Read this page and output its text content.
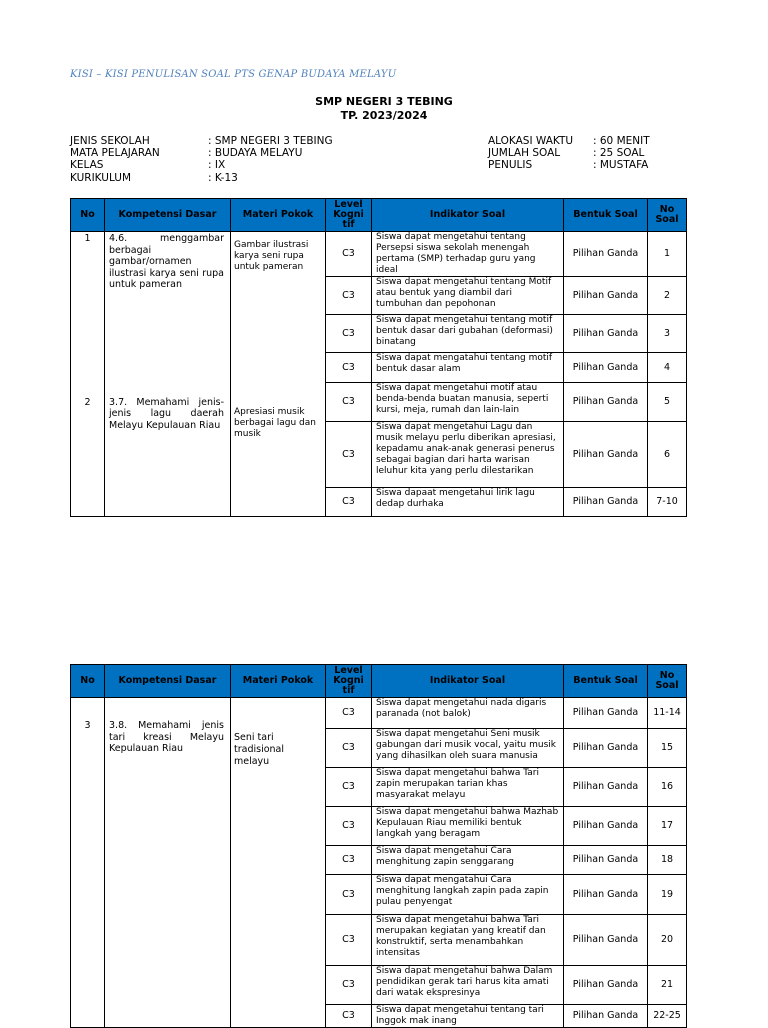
KISI – KISI PENULISAN SOAL PTS GENAP BUDAYA MELAYU
SMP NEGERI 3 TEBING
TP. 2023/2024
JENIS SEKOLAH	: SMP NEGERI 3 TEBING
MATA PELAJARAN	: BUDAYA MELAYU
KELAS	: IX
KURIKULUM	: K-13
ALOKASI WAKTU	: 60 MENIT
JUMLAH SOAL	: 25 SOAL
PENULIS	: MUSTAFA
No	Kompetensi Dasar	Materi Pokok	Level Kogni tif	Indikator Soal	Bentuk Soal	No Soal
1	4.6. menggambar berbagai gambar/ornamen ilustrasi karya seni rupa untuk pameran	Gambar ilustrasi karya seni rupa untuk pameran	C3	Siswa dapat mengetahui tentang Persepsi siswa sekolah menengah pertama (SMP) terhadap guru yang ideal	Pilihan Ganda	1
			C3	Siswa dapat mengetahui tentang Motif atau bentuk yang diambil dari tumbuhan dan pepohonan	Pilihan Ganda	2
			C3	Siswa dapat mengetahui tentang motif bentuk dasar dari gubahan (deformasi) binatang	Pilihan Ganda	3
			C3	Siswa dapat mengatahui tentang motif bentuk dasar alam	Pilihan Ganda	4
2	3.7. Memahami jenis-jenis lagu daerah Melayu Kepulauan Riau	Apresiasi musik berbagai lagu dan musik	C3	Siswa dapat mengetahui motif atau benda-benda buatan manusia, seperti kursi, meja, rumah dan lain-lain	Pilihan Ganda	5
			C3	Siswa dapat mengetahui Lagu dan musik melayu perlu diberikan apresiasi, kepadamu anak-anak generasi penerus sebagai bagian dari harta warisan leluhur kita yang perlu dilestarikan	Pilihan Ganda	6
			C3	Siswa dapaat mengetahui lirik lagu dedap durhaka	Pilihan Ganda	7-10
No	Kompetensi Dasar	Materi Pokok	Level Kogni tif	Indikator Soal	Bentuk Soal	No Soal
3	3.8. Memahami jenis tari kreasi Melayu Kepulauan Riau	Seni tari tradisional melayu	C3	Siswa dapat mengetahui nada digaris paranada (not balok)	Pilihan Ganda	11-14
			C3	Siswa dapat mengetahui Seni musik gabungan dari musik vocal, yaitu musik yang dihasilkan oleh suara manusia	Pilihan Ganda	15
			C3	Siswa dapat mengetahui bahwa Tari zapin merupakan tarian khas masyarakat melayu	Pilihan Ganda	16
			C3	Siswa dapat mengetahui bahwa Mazhab Kepulauan Riau memiliki bentuk langkah yang beragam	Pilihan Ganda	17
			C3	Siswa dapat mengetahui Cara menghitung zapin senggarang	Pilihan Ganda	18
			C3	Siswa dapat mengatahui Cara menghitung langkah zapin pada zapin pulau penyengat	Pilihan Ganda	19
			C3	Siswa dapat mengetahui bahwa Tari merupakan kegiatan yang kreatif dan konstruktif, serta menambahkan intensitas	Pilihan Ganda	20
			C3	Siswa dapat mengetahui bahwa Dalam pendidikan gerak tari harus kita amati dari watak ekspresinya	Pilihan Ganda	21
			C3	Siswa dapat mengetahui tentang tari Inggok mak inang	Pilihan Ganda	22-25
